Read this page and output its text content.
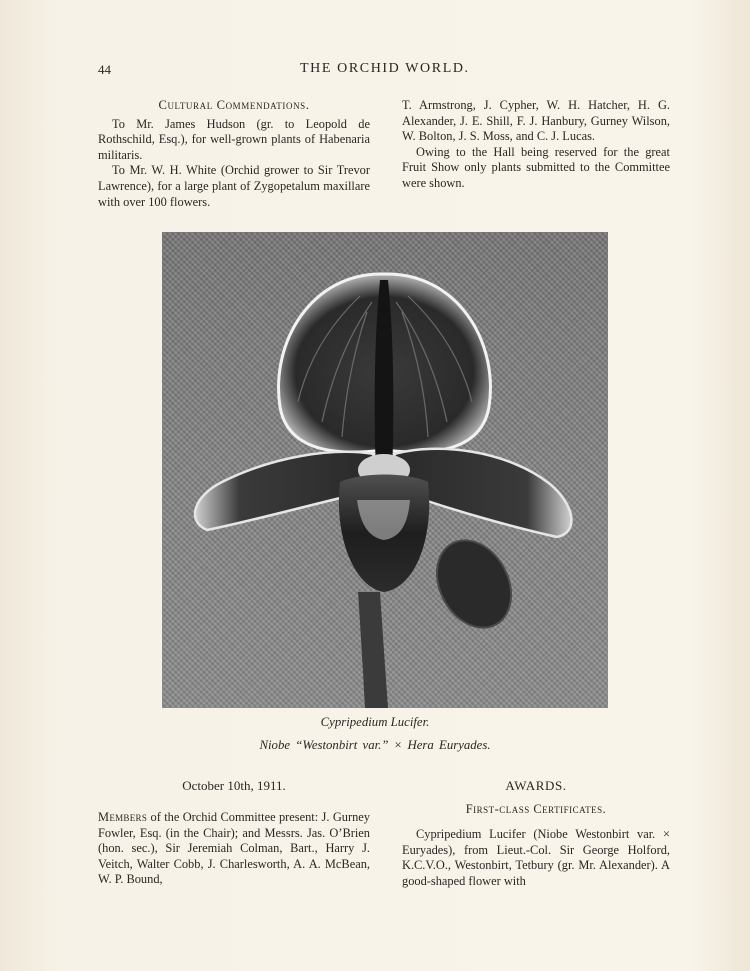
44	THE ORCHID WORLD.
Cultural Commendations.

To Mr. James Hudson (gr. to Leopold de Rothschild, Esq.), for well-grown plants of Habenaria militaris.

To Mr. W. H. White (Orchid grower to Sir Trevor Lawrence), for a large plant of Zygopetalum maxillare with over 100 flowers.

T. Armstrong, J. Cypher, W. H. Hatcher, H. G. Alexander, J. E. Shill, F. J. Hanbury, Gurney Wilson, W. Bolton, J. S. Moss, and C. J. Lucas.

Owing to the Hall being reserved for the great Fruit Show only plants submitted to the Committee were shown.

Cypripedium Lucifer.
Niobe “Westonbirt var.” × Hera Euryades.
October 10th, 1911.	AWARDS.
First-class Certificates.

Members of the Orchid Committee present: J. Gurney Fowler, Esq. (in the Chair); and Messrs. Jas. O’Brien (hon. sec.), Sir Jeremiah Colman, Bart., Harry J. Veitch, Walter Cobb, J. Charlesworth, A. A. McBean, W. P. Bound,

Cypripedium Lucifer (Niobe Westonbirt var. × Euryades), from Lieut.-Col. Sir George Holford, K.C.V.O., Westonbirt, Tetbury (gr. Mr. Alexander). A good-shaped flower with
